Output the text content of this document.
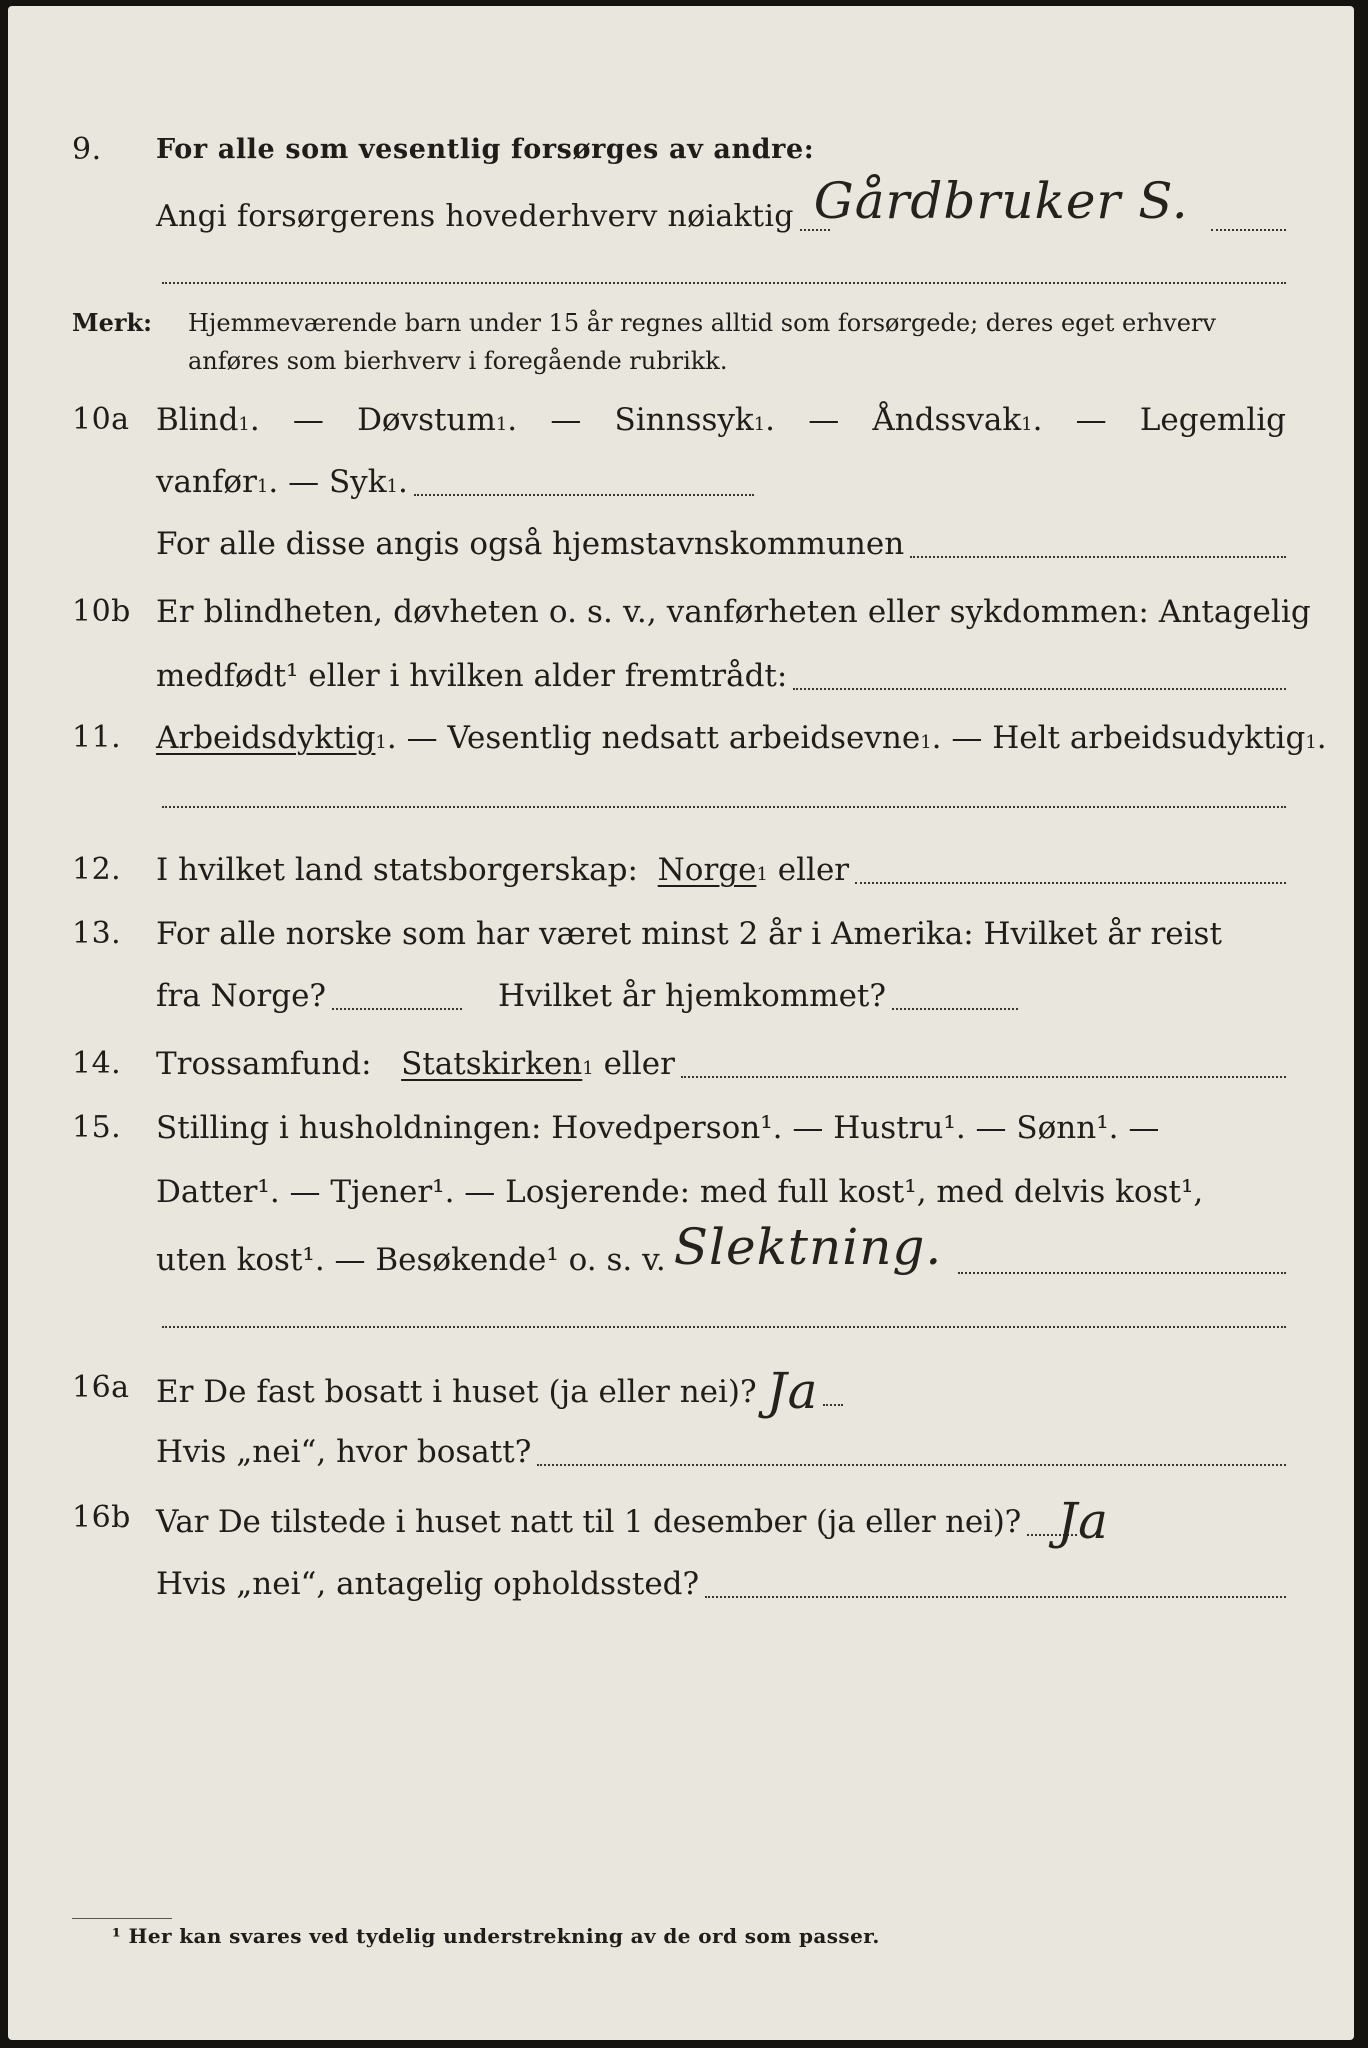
9. For alle som vesentlig forsørges av andre:
Angi forsørgerens hovederhverv nøiaktig Gårdbruker S.
Merk: Hjemmeværende barn under 15 år regnes alltid som forsørgede; deres eget erhverv anføres som bierhverv i foregående rubrikk.
10a Blind 1 . — Døvstum 1 . — Sinnssyk 1 . — Åndssvak 1 . — Legemlig
vanfør 1 . — Syk 1 .
For alle disse angis også hjemstavnskommunen
10b Er blindheten, døvheten o. s. v., vanførheten eller sykdommen: Antagelig
medfødt¹ eller i hvilken alder fremtrådt:
11. Arbeidsdyktig 1 . — Vesentlig nedsatt arbeidsevne 1 . — Helt arbeidsudyktig 1 .
12. I hvilket land statsborgerskap:
Norge 1
eller
13. For alle norske som har været minst 2 år i Amerika: Hvilket år reist
fra Norge?	Hvilket år hjemkommet?
14. Trossamfund:
Statskirken 1
eller
15. Stilling i husholdningen: Hovedperson¹. — Hustru¹. — Sønn¹. —
Datter¹. — Tjener¹. — Losjerende: med full kost¹, med delvis kost¹,
uten kost¹. — Besøkende¹ o. s. v. Slektning.
16a Er De fast bosatt i huset (ja eller nei)? Ja
Hvis „nei“, hvor bosatt?
16b Var De tilstede i huset natt til 1 desember (ja eller nei)? Ja
Hvis „nei“, antagelig opholdssted?
¹ Her kan svares ved tydelig understrekning av de ord som passer.
